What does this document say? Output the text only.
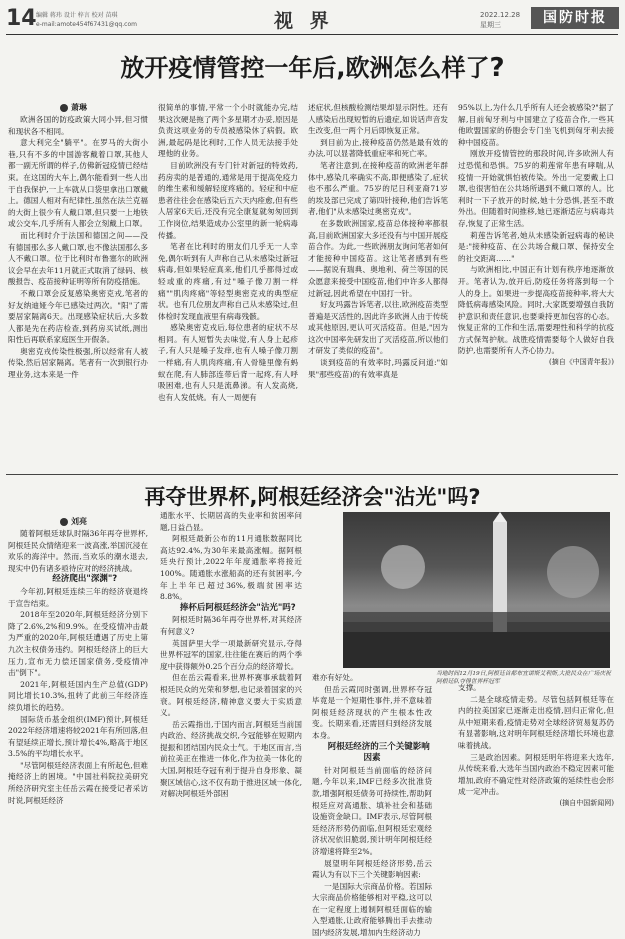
14 编辑 蒋玮 设计 梓言 校对 苗琪
e-mail:amote454f67431@qq.com	视 界	2022.12.28
星期三	国防时报
放开疫情管控一年后,欧洲怎么样了?
萧琳

欧洲各国的防疫政策大同小异,但习惯和现状各不相同。

意大利完全"躺平"。在罗马的大街小巷,只有不多的中国游客戴着口罩,其他人都一副无所谓的样子,仿佛新冠疫情已经结束。在这国的大车上,偶尔能看到一些人出于自我保护,一上车就从口袋里拿出口罩戴上。德国人相对有纪律性,虽然在法兰克福的大街上很少有人戴口罩,但只要一上地铁或公交车,几乎所有人都会立刻戴上口罩。

而比利时介于法国和德国之间——没有德国那么多人戴口罩,也不像法国那么多人不戴口罩。位于比利时布鲁塞尔的欧洲议会早在去年11月就正式取消了绿码、核酸报告、疫苗接种证明等所有防疫措施。

不戴口罩会反复感染奥密克戎,笔者的好友纳迪娅今年已感染过两次。"阳"了需要居家隔离6天。出现感染症状后,大多数人都是先在药店检查,到药房买试纸,测出阳性后再联系家庭医生开假条。

奥密克戎传染性极强,所以经常有人被传染,然后居家隔离。笔者有一次到银行办理业务,这本来是一件

很简单的事情,平常一个小时就能办完,结果这次硬是拖了两个多星期才办妥,原因是负责这项业务的专员被感染休了病假。欧洲,最起码是比利时,工作人员无法接手处理他的业务。

目前欧洲没有专门针对新冠的特效药,药房卖的是普通的,通常是用于提高免疫力的维生素和缓解轻度疼痛的。轻症和中症患者往往会在感染后五六天内痊愈,但有些人居家6天后,还没有完全康复就匆匆回到工作岗位,结果造成办公室里的新一轮病毒传播。

笔者在比利时的朋友们几乎无一人幸免,偶尔听到有人声称自己从未感染过新冠病毒,但如果轻症真来,他们几乎都得过或轻或重的疼痛,有过"嗓子像刀割一样痛""肌肉疼痛"等轻型奥密克戎的典型症状。也有几位朋友声称自己从未感染过,但体检时发现血液里有病毒残骸。

感染奥密克戎后,每位患者的症状不尽相同。有人短暂失去味觉,有人身上起疹子,有人只是嗓子发痒,也有人嗓子像刀割一样痛,有人肌肉疼痛,有人骨缝里像有蚂蚁在爬,有人肺部连带后背一起疼,有人呼吸困难,也有人只是流鼻涕。有人发高烧,也有人发低烧。有人一周便有

述症状,但核酸检测结果却显示阴性。还有人感染后出现短暂的后遗症,如说话声音发生改变,但一两个月后即恢复正常。

到目前为止,接种疫苗仍然是最有效的办法,可以显著降低重症率和死亡率。

笔者注意到,在接种疫苗的欧洲老年群体中,感染几率确实不高,即便感染了,症状也不那么严重。75岁的尼日利亚裔71岁的埃及部已完成了第四针接种,他们告诉笔者,他们"从未感染过奥密克戎"。

在多数欧洲国家,疫苗总体接种率都很高,目前欧洲国家大多还没有与中国开展疫苗合作。为此,一些欧洲朋友询问笔者如何才能接种中国疫苗。这让笔者感到有些——据说有瑞典、奥地利、荷兰等国的民众愿意来接受中国疫苗,他们中许多人都得过新冠,因此希望在中国打一针。

好友玛露告诉笔者,以往,欧洲疫苗类型普遍是灭活性的,因此许多欧洲人由于传统或其他原因,更认可灭活疫苗。但是,"因为这次中国率先研发出了灭活疫苗,所以他们才研发了类似的疫苗"。

谈到疫苗的有效率时,玛露反问道:"如果"那些疫苗)的有效率真是

95%以上,为什么几乎所有人还会被感染?"据了解,目前匈牙利与中国建立了疫苗合作,一些其他欧盟国家的侨胞会专门坐飞机到匈牙利去接种中国疫苗。

刚放开疫情管控的那段时间,许多欧洲人有过恐慌和恐惧。75岁的莉莲常年患有哮喘,从疫情一开始就惧怕被传染。外出一定要戴上口罩,也很害怕在公共场所遇到不戴口罩的人。比利时一下子放开的时候,她十分恐惧,甚至不敢外出。但随着时间推移,她已逐渐适应与病毒共存,恢复了正常生活。

莉莲告诉笔者,她从未感染新冠病毒的秘诀是:"接种疫苗、在公共场合戴口罩、保持安全的社交距离……"

与欧洲相比,中国正有计划有秩序地逐渐放开。笔者认为,放开后,防疫任务将落到每一个人的身上。如果进一步提高疫苗接种率,将大大降低病毒感染风险。同时,大家既要增强自我防护意识和责任意识,也要秉持更加包容的心态。恢复正常的工作和生活,需要理性和科学的抗疫方式保驾护航。战胜疫情需要每个人做好自我防护,也需要所有人齐心协力。

(摘自《中国青年报》)

再夺世界杯,阿根廷经济会"沾光"吗?
刘亮

随着阿根廷球队时隔36年再夺世界杯,阿根廷民众情绪迎来一波高涨,举国沉浸在欢乐的海洋中。然而,当欢乐的潮水退去,现实中仍有诸多亟待应对的经济挑战。

经济爬出"深渊"?

今年初,阿根廷连续三年的经济衰退终于宣告结束。

2018年至2020年,阿根廷经济分别下降了2.6%,2%和9.9%。在受疫情冲击最为严重的2020年,阿根廷遭遇了历史上第九次主权债务违约。阿根廷经济上的巨大压力,宣布无力偿还国家债务,受疫情冲击"倒下"。

2021年,阿根廷国内生产总值(GDP)同比增长10.3%,扭转了此前三年经济连续负增长的趋势。

国际货币基金组织(IMF)预计,阿根廷2022年经济增速将较2021年有所回落,但有望延续正增长,预计增长4%,略高于地区3.5%的平均增长水平。

"尽管阿根廷经济表面上有所起色,但难掩经济上的困境。"中国社科院拉美研究所经济研究室主任岳云霞在接受记者采访时说,阿根廷经济

通胀水平、长期居高的失业率和贫困率问题,日益凸显。

阿根廷最新公布的11月通胀数据同比高达92.4%,为30年来最高涨幅。据阿根廷央行预计,2022年年度通胀率将接近100%。随通胀水涨船高的还有贫困率,今年上半年已超过36%,极端贫困率达8.8%。

捧杯后阿根廷经济会"沾光"吗?

阿根廷时隔36年再夺世界杯,对其经济有何意义?

英国萨里大学一项最新研究显示,夺得世界杯冠军的国家,往往能在赛后的两个季度中获得额外0.25个百分点的经济增长。

但在岳云霞看来,世界杯赛事承载着阿根廷民众的光荣和梦想,也记录着国家的兴衰。阿根廷经济,精神意义要大于实质意义。

岳云霞指出,于国内而言,阿根廷当前国内政治、经济挑战交织,今冠能够在短期内提振和团结国内民众士气。于地区而言,当前拉美正在推进一体化,作为拉美一体化的大国,阿根廷夺冠有利于提升自身形象、凝聚区域信心,这不仅有助于推进区域一体化,对解决阿根廷外部困

当地时间12月19日,阿根廷首都布宜诺斯艾利斯,大批民众在广场庆祝阿根廷队夺得世界杯冠军

难亦有好处。

但岳云霞同时强调,世界杯夺冠毕竟是一个短期性事件,并不意味着阿根廷经济现状的产生根本性改变。长期来看,还需回归到经济发展本身。

阿根廷经济的三个关键影响因素

针对阿根廷当前面临的经济问题,今年以来,IMF已经多次批准贷款,增强阿根廷债务可持续性,帮助阿根廷应对高通胀、填补社会和基础设施资金缺口。IMF表示,尽管阿根廷经济形势仍面临,但阿根廷宏观经济状况依旧脆弱,预计明年阿根廷经济增速将降至2%。

展望明年阿根廷经济形势,岳云霞认为有以下三个关键影响因素:

一是国际大宗商品价格。若国际大宗商品价格能够相对平稳,这可以在一定程度上遏制阿根廷面临的输入型通胀,让政府能够腾出手去推动国内经济发展,增加内生经济动力

支撑。

二是全球疫情走势。尽管包括阿根廷等在内的拉美国家已逐渐走出疫情,回归正常化,但从中短期来看,疫情走势对全球经济贸易复苏仍有显著影响,这对明年阿根廷经济增长环境也意味着挑战。

三是政治因素。阿根廷明年将迎来大选年,从传统来看,大选年当国内政治不稳定因素可能增加,政府不确定性对经济政策的延续性也会形成一定冲击。

(摘自中国新闻网)
